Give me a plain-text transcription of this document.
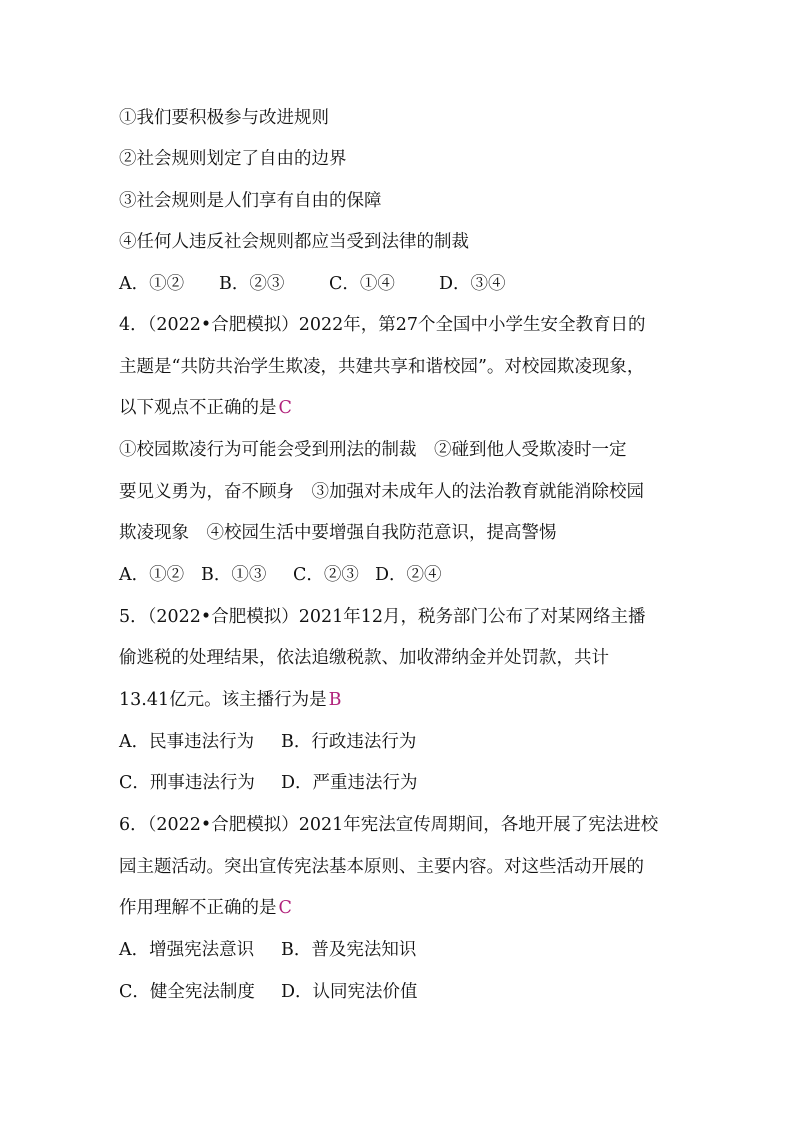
①我们要积极参与改进规则
②社会规则划定了自由的边界
③社会规则是人们享有自由的保障
④任何人违反社会规则都应当受到法律的制裁
A．①② B．②③	C．①④	D．③④
4．（2022•合肥模拟）2022年，第27个全国中小学生安全教育日的
主题是“共防共治学生欺凌，共建共享和谐校园”。对校园欺凌现象，
以下观点不正确的是 C
①校园欺凌行为可能会受到刑法的制裁　②碰到他人受欺凌时一定
要见义勇为，奋不顾身　③加强对未成年人的法治教育就能消除校园
欺凌现象　④校园生活中要增强自我防范意识，提高警惕
A．①② B．①③ C．②③ D．②④
5．（2022•合肥模拟）2021年12月，税务部门公布了对某网络主播
偷逃税的处理结果，依法追缴税款、加收滞纳金并处罚款，共计
13.41亿元。该主播行为是 B
A．民事违法行为 B．行政违法行为
C．刑事违法行为 D．严重违法行为
6．（2022•合肥模拟）2021年宪法宣传周期间，各地开展了宪法进校
园主题活动。突出宣传宪法基本原则、主要内容。对这些活动开展的
作用理解不正确的是 C
A．增强宪法意识 B．普及宪法知识
C．健全宪法制度 D．认同宪法价值
